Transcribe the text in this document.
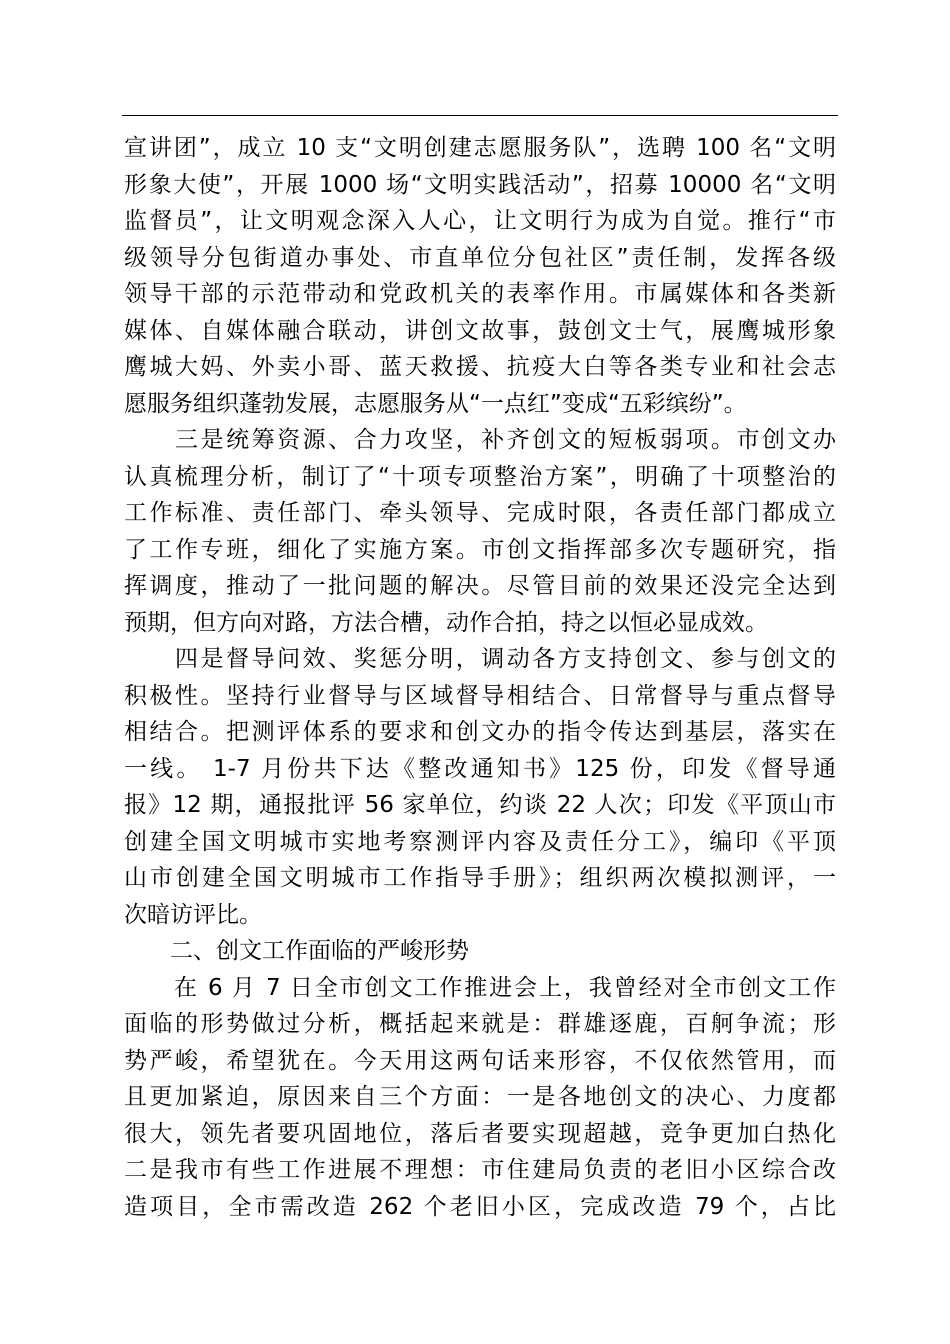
宣讲团”，成立 10 支“文明创建志愿服务队”，选聘 100 名“文明
形象大使”，开展 1000 场“文明实践活动”，招募 10000 名“文明
监督员”，让文明观念深入人心，让文明行为成为自觉。推行“市
级领导分包街道办事处、市直单位分包社区”责任制，发挥各级
领导干部的示范带动和党政机关的表率作用。市属媒体和各类新
媒体、自媒体融合联动，讲创文故事，鼓创文士气，展鹰城形象
鹰城大妈、外卖小哥、蓝天救援、抗疫大白等各类专业和社会志
愿服务组织蓬勃发展，志愿服务从“一点红”变成“五彩缤纷”。
　　三是统筹资源、合力攻坚，补齐创文的短板弱项。市创文办
认真梳理分析，制订了“十项专项整治方案”，明确了十项整治的
工作标准、责任部门、牵头领导、完成时限，各责任部门都成立
了工作专班，细化了实施方案。市创文指挥部多次专题研究，指
挥调度，推动了一批问题的解决。尽管目前的效果还没完全达到
预期，但方向对路，方法合槽，动作合拍，持之以恒必显成效。
　　四是督导问效、奖惩分明，调动各方支持创文、参与创文的
积极性。坚持行业督导与区域督导相结合、日常督导与重点督导
相结合。把测评体系的要求和创文办的指令传达到基层，落实在
一线。 1-7 月份共下达《整改通知书》125 份，印发《督导通
报》12 期，通报批评 56 家单位，约谈 22 人次；印发《平顶山市
创建全国文明城市实地考察测评内容及责任分工》，编印《平顶
山市创建全国文明城市工作指导手册》；组织两次模拟测评，一
次暗访评比。
　　二、创文工作面临的严峻形势
　　在 6 月 7 日全市创文工作推进会上，我曾经对全市创文工作
面临的形势做过分析，概括起来就是：群雄逐鹿，百舸争流；形
势严峻，希望犹在。今天用这两句话来形容，不仅依然管用，而
且更加紧迫，原因来自三个方面：一是各地创文的决心、力度都
很大，领先者要巩固地位，落后者要实现超越，竞争更加白热化
二是我市有些工作进展不理想：市住建局负责的老旧小区综合改
造项目，全市需改造 262 个老旧小区，完成改造 79 个，占比
